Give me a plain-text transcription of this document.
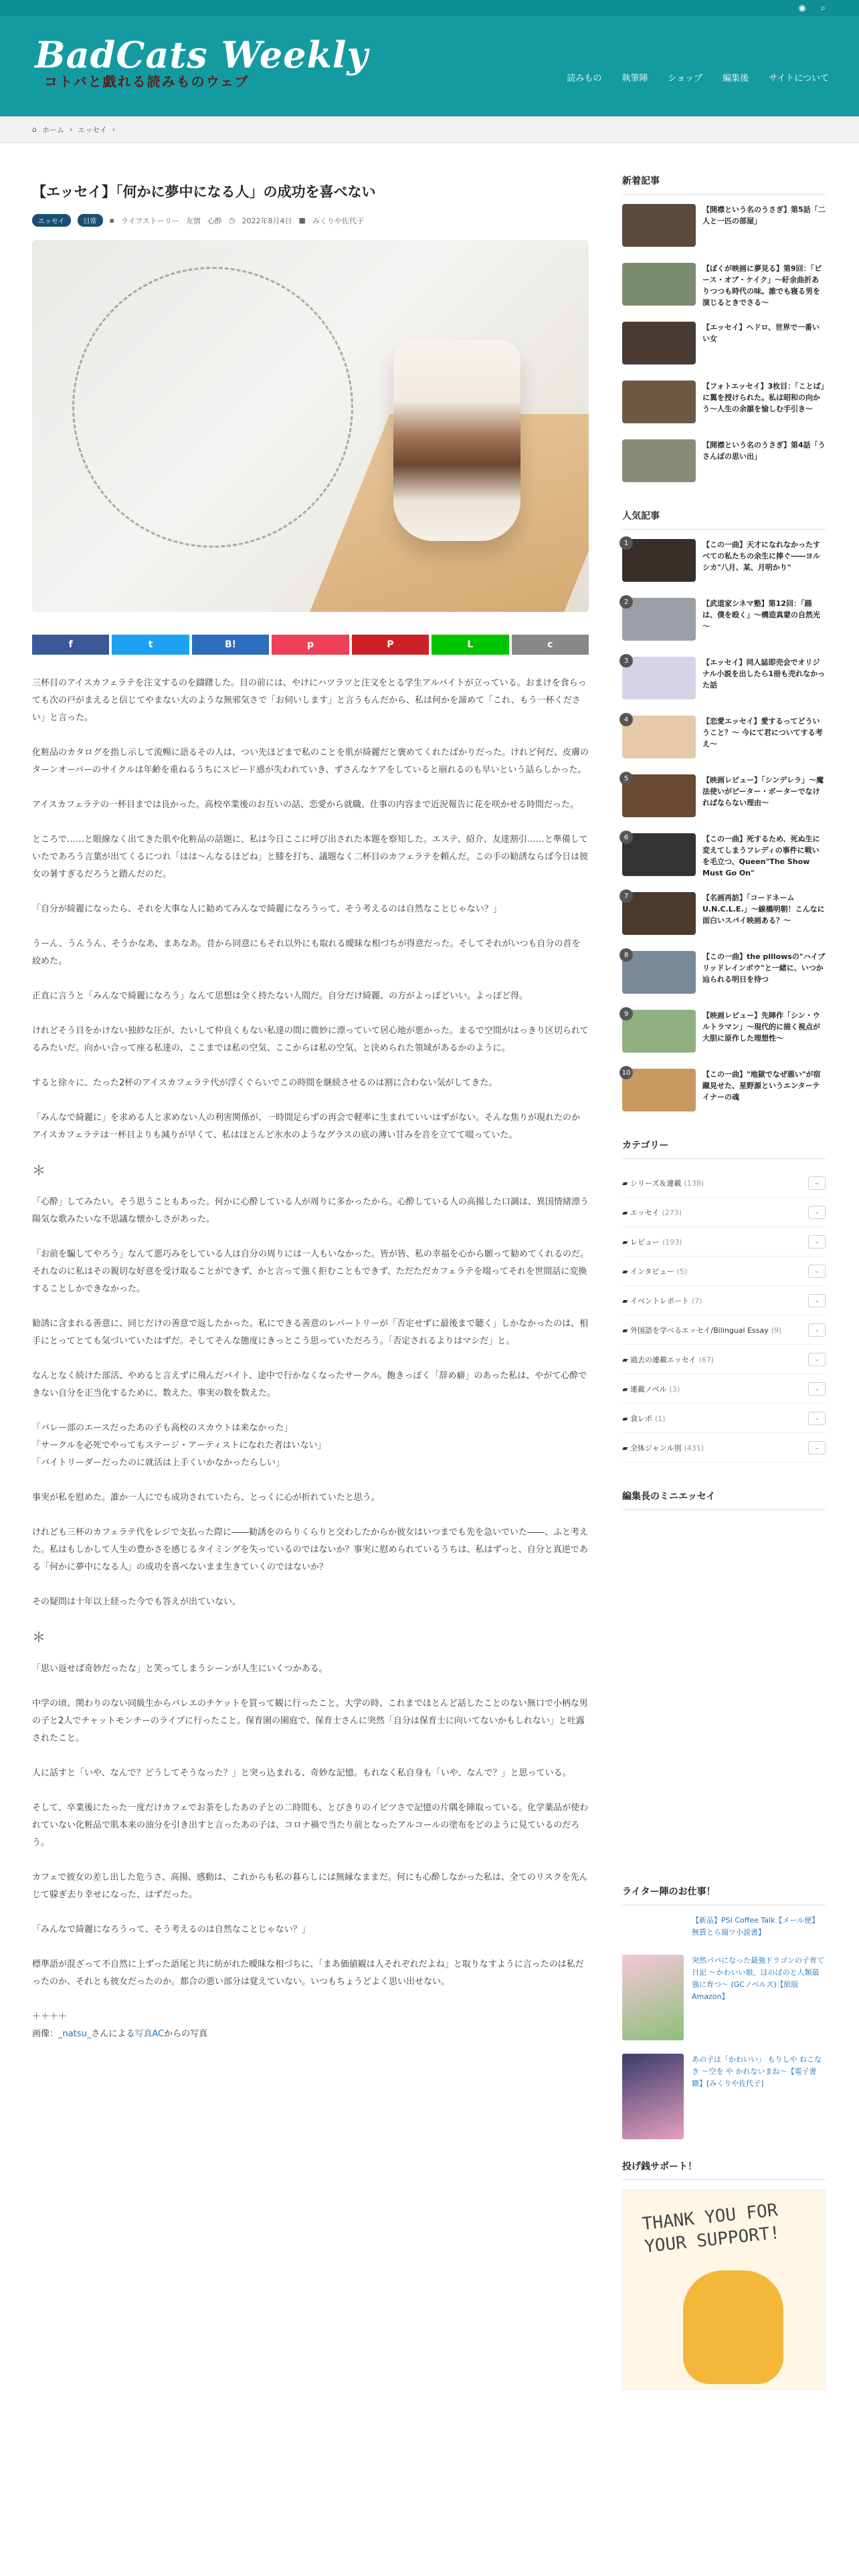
◉ ⌕
BadCats Weekly
コトバと戯れる読みものウェブ	読みもの 執筆陣 ショップ 編集後 サイトについて
⌂ ホーム › エッセイ ›
【エッセイ】「何かに夢中になる人」の成功を喜べない
エッセイ	日常	▪ ライフストーリー 友情 心酔 ◷ 2022年8月4日 ■ みくりや佐代子
f	t	B!	p	P	L	c

三杯目のアイスカフェラテを注文するのを躊躇した。目の前には、やけにハツラツと注文をとる学生アルバイトが立っている。おまけを食らっても次の戸がまえると信じてやまない大のような無邪気さで「お伺いします」と言うもんだから、私は何かを諦めて「これ、もう一杯ください」と言った。

化粧品のカタログを指し示して流暢に語るその人は、つい先ほどまで私のことを肌が綺麗だと褒めてくれたばかりだった。けれど何だ、皮膚のターンオーバーのサイクルは年齢を重ねるうちにスピード感が失われていき、ずさんなケアをしていると崩れるのも早いという話らしかった。

アイスカフェラテの一杯目までは良かった。高校卒業後のお互いの話、恋愛から就職、仕事の内容まで近況報告に花を咲かせる時間だった。

ところで……と眼線なく出てきた肌や化粧品の話題に、私は今日ここに呼び出された本題を察知した。エステ、紹介、友達割引……と準備していたであろう言葉が出てくるにつれ「はは〜んなるほどね」と膝を打ち、議題なく二杯目のカフェラテを頼んだ。この手の勧誘ならば今日は彼女の暑すぎるだろうと踏んだのだ。

「自分が綺麗になったら、それを大事な人に勧めてみんなで綺麗になろうって、そう考えるのは自然なことじゃない？」

うーん、うんうん、そうかなあ、まあなあ。昔から同意にもそれ以外にも取れる曖昧な相づちが得意だった。そしてそれがいつも自分の首を絞めた。

正直に言うと「みんなで綺麗になろう」なんて思想は全く持たない人間だ。自分だけ綺麗、の方がよっぽどいい。よっぽど得。

けれどそう目をかけない独紗な圧が、たいして仲良くもない私達の間に微妙に漂っていて居心地が悪かった。まるで空間がはっきり区切られてるみたいだ。向かい合って座る私達の、ここまでは私の空気、ここからは私の空気、と決められた領域があるかのように。

すると徐々に、たった2杯のアイスカフェラテ代が浮くぐらいでこの時間を継続させるのは割に合わない気がしてきた。

「みんなで綺麗に」を求める人と求めない人の利害関係が、一時間足らずの再会で軽率に生まれていいはずがない。そんな焦りが現れたのかアイスカフェラテは一杯目よりも減りが早くて、私はほとんど氷水のようなグラスの底の薄い甘みを音を立てて啜っていた。

＊

「心酔」してみたい。そう思うこともあった。何かに心酔している人が周りに多かったから。心酔している人の高揚した口調は、異国情緒漂う陽気な歌みたいな不思議な懐かしさがあった。

「お前を騙してやろう」なんて悪巧みをしている人は自分の周りには一人もいなかった。皆が皆、私の幸福を心から願って勧めてくれるのだ。それなのに私はその親切な好意を受け取ることができず、かと言って強く拒むこともできず、ただただカフェラテを啜ってそれを世間話に変換することしかできなかった。

勧誘に含まれる善意に、同じだけの善意で返したかった。私にできる善意のレパートリーが「否定せずに最後まで聴く」しかなかったのは、相手にとってとても気づいていたはずだ。そしてそんな態度にきっとこう思っていただろう。「否定されるよりはマシだ」と。

なんとなく続けた部活、やめると言えずに飛んだバイト、途中で行かなくなったサークル。飽きっぽく「辞め癖」のあった私は、やがて心酔できない自分を正当化するために、数えた。事実の数を数えた。

「バレー部のエースだったあの子も高校のスカウトは来なかった」
「サークルを必死でやってもステージ・アーティストになれた者はいない」
「バイトリーダーだったのに就活は上手くいかなかったらしい」

事実が私を慰めた。誰か一人にでも成功されていたら、とっくに心が折れていたと思う。

けれども三杯のカフェラテ代をレジで支払った際に――勧誘をのらりくらりと交わしたからか彼女はいつまでも先を急いでいた――、ふと考えた。私はもしかして人生の豊かさを感じるタイミングを失っているのではないか？事実に慰められているうちは、私はずっと、自分と真逆である「何かに夢中になる人」の成功を喜べないまま生きていくのではないか？

その疑問は十年以上経った今でも答えが出ていない。

＊

「思い返せば奇妙だったな」と笑ってしまうシーンが人生にいくつかある。

中学の頃、関わりのない同級生からバレエのチケットを買って観に行ったこと。大学の時、これまでほとんど話したことのない無口で小柄な男の子と2人でチャットモンチーのライブに行ったこと。保育園の園庭で、保育士さんに突然「自分は保育士に向いてないかもしれない」と吐露されたこと。

人に話すと「いや、なんで？どうしてそうなった？」と突っ込まれる、奇妙な記憶。もれなく私自身も「いや、なんで？」と思っている。

そして、卒業後にたった一度だけカフェでお茶をしたあの子との二時間も、とびきりのイビツさで記憶の片隅を陣取っている。化学薬品が使われていない化粧品で肌本来の油分を引き出すと言ったあの子は、コロナ禍で当たり前となったアルコールの塗布をどのように見ているのだろう。

カフェで彼女の差し出した危うさ、高揚、感動は、これからも私の暮らしには無縁なままだ。何にも心酔しなかった私は、全てのリスクを先んじて躱ぎ去り幸せになった、はずだった。

「みんなで綺麗になろうって、そう考えるのは自然なことじゃない？」

標準語が混ざって不自然に上ずった語尾と共に紡がれた曖昧な相づちに、「まあ価値観は人それぞれだよね」と取りなすように言ったのは私だったのか、それとも彼女だったのか。都合の悪い部分は覚えていない。いつもちょうどよく思い出せない。

＋＋＋＋

画像：_natsu_さんによる写真ACからの写真

新着記事
【開襟という名のうさぎ】第5話「二人と一匹の部屋」
【ぼくが映画に夢見る】第9回：「ピース・オブ・ケイク」～紆余曲折ありつつも時代の味。誰でも寝る男を演じるときでさる～
【エッセイ】ヘドロ、世界で一番いい女
【フォトエッセイ】3枚目：「ことば」に翼を授けられた。私は昭和の向かう～人生の余韻を愉しむ手引き～
【開襟という名のうさぎ】第4話「うさんぽの思い出」
人気記事
1	【この一曲】天才になれなかったすべての私たちの余生に捧ぐ――ヨルシカ"八月、某、月明かり"
2	【武道家シネマ塾】第12回：「踊は、僕を殴く」～構造真蒙の自然光～
3	【エッセイ】同人誌即売会でオリジナル小説を出したら1冊も売れなかった話
4	【恋愛エッセイ】愛するってどういうこと？～ 今にて君についてする考え～
5	【映画レビュー】「シンデレラ」～魔法使いがピーター・ボーターでなければならない理由～
6	【この一曲】死するため、死ぬ生に変えてしまうフレディの事件に戦いを毛立つ、Queen"The Show Must Go On"
7	【名画再訪】「コードネーム U.N.C.L.E.」～線橋明朝！こんなに面白いスパイ映画ある？～
8	【この一曲】the pillowsの"ハイブリッドレインボウ"と一緒に、いつか辿られる明日を待つ
9	【映画レビュー】先陣作「シン・ウルトラマン」～現代的に描く視点が大胆に原作した理想性～
10	【この一曲】"地獄でなぜ悪い"が宿蹴見せた、星野源というエンターテイナーの魂
カテゴリー
▰ シリーズ＆連載 (138)	⌄
▰ エッセイ (273)	⌄
▰ レビュー (193)	⌄
▰ インタビュー (5)	⌄
▰ イベントレポート (7)	⌄
▰ 外国語を学べるエッセイ/Bilingual Essay (9)	⌄
▰ 過去の連載エッセイ (67)	⌄
▰ 連載ノベル (3)	⌄
▰ 食レポ (1)	⌄
▰ 全体ジャンル別 (431)	⌄
編集長のミニエッセイ
ライター陣のお仕事！
【新品】PSI Coffee Talk【メール便】無賃とら瑞ツ小説書】
突然パパになった最強ドラゴンの子育て日記 ～かわいい娘、ほのぼのと人類最強に育つ～ (GCノベルズ)【紙版Amazon】
あの子は「かわいい」 もりしや ねこなき ～空を や かれないまね～【電子書籍】[みくりや佐代子]
投げ銭サポート！
THANK YOU FOR YOUR SUPPORT!
